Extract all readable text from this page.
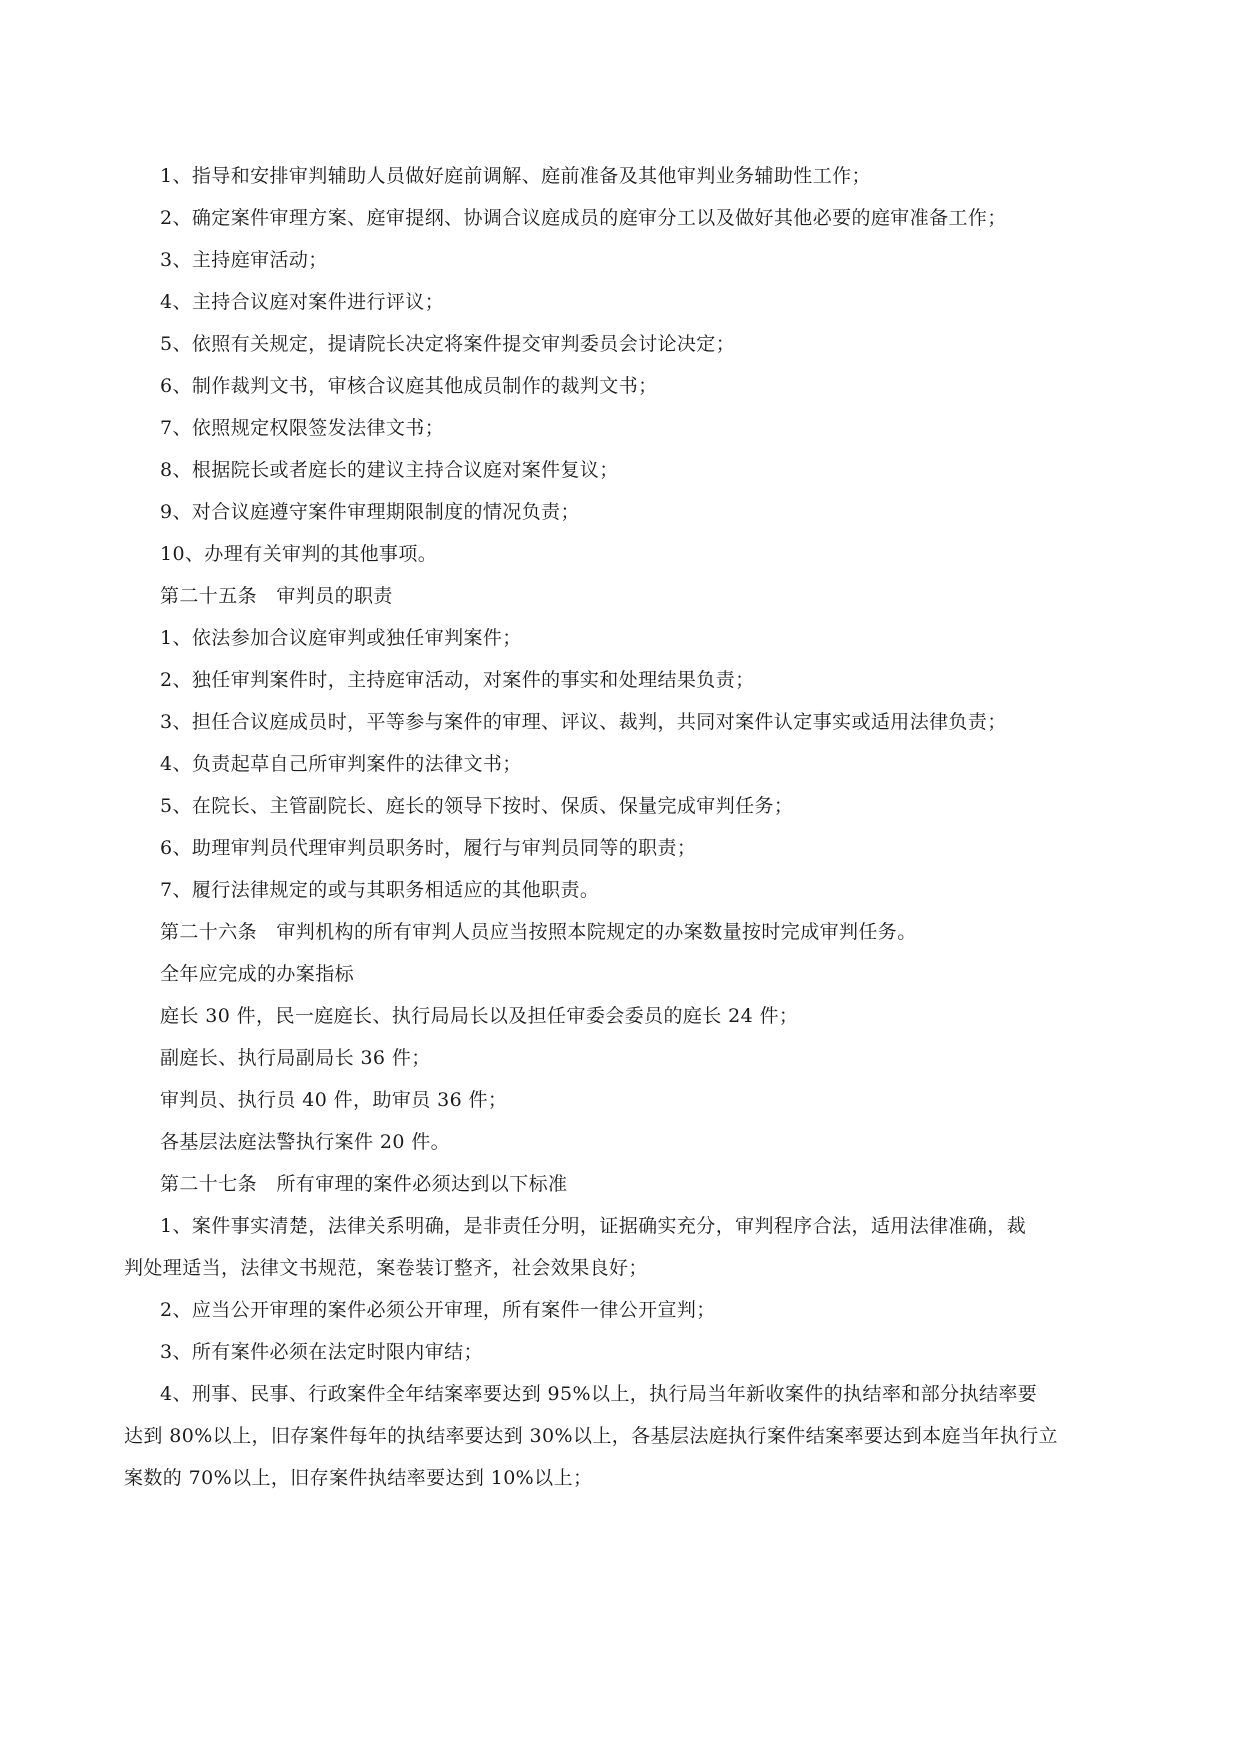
1、指导和安排审判辅助人员做好庭前调解、庭前准备及其他审判业务辅助性工作；
2、确定案件审理方案、庭审提纲、协调合议庭成员的庭审分工以及做好其他必要的庭审准备工作；
3、主持庭审活动；
4、主持合议庭对案件进行评议；
5、依照有关规定，提请院长决定将案件提交审判委员会讨论决定；
6、制作裁判文书，审核合议庭其他成员制作的裁判文书；
7、依照规定权限签发法律文书；
8、根据院长或者庭长的建议主持合议庭对案件复议；
9、对合议庭遵守案件审理期限制度的情况负责；
10、办理有关审判的其他事项。
第二十五条　审判员的职责
1、依法参加合议庭审判或独任审判案件；
2、独任审判案件时，主持庭审活动，对案件的事实和处理结果负责；
3、担任合议庭成员时，平等参与案件的审理、评议、裁判，共同对案件认定事实或适用法律负责；
4、负责起草自己所审判案件的法律文书；
5、在院长、主管副院长、庭长的领导下按时、保质、保量完成审判任务；
6、助理审判员代理审判员职务时，履行与审判员同等的职责；
7、履行法律规定的或与其职务相适应的其他职责。
第二十六条　审判机构的所有审判人员应当按照本院规定的办案数量按时完成审判任务。
全年应完成的办案指标
庭长 30 件，民一庭庭长、执行局局长以及担任审委会委员的庭长 24 件；
副庭长、执行局副局长 36 件；
审判员、执行员 40 件，助审员 36 件；
各基层法庭法警执行案件 20 件。
第二十七条　所有审理的案件必须达到以下标准
1、案件事实清楚，法律关系明确，是非责任分明，证据确实充分，审判程序合法，适用法律准确，裁
判处理适当，法律文书规范，案卷装订整齐，社会效果良好；
2、应当公开审理的案件必须公开审理，所有案件一律公开宣判；
3、所有案件必须在法定时限内审结；
4、刑事、民事、行政案件全年结案率要达到 95%以上，执行局当年新收案件的执结率和部分执结率要
达到 80%以上，旧存案件每年的执结率要达到 30%以上，各基层法庭执行案件结案率要达到本庭当年执行立
案数的 70%以上，旧存案件执结率要达到 10%以上；
